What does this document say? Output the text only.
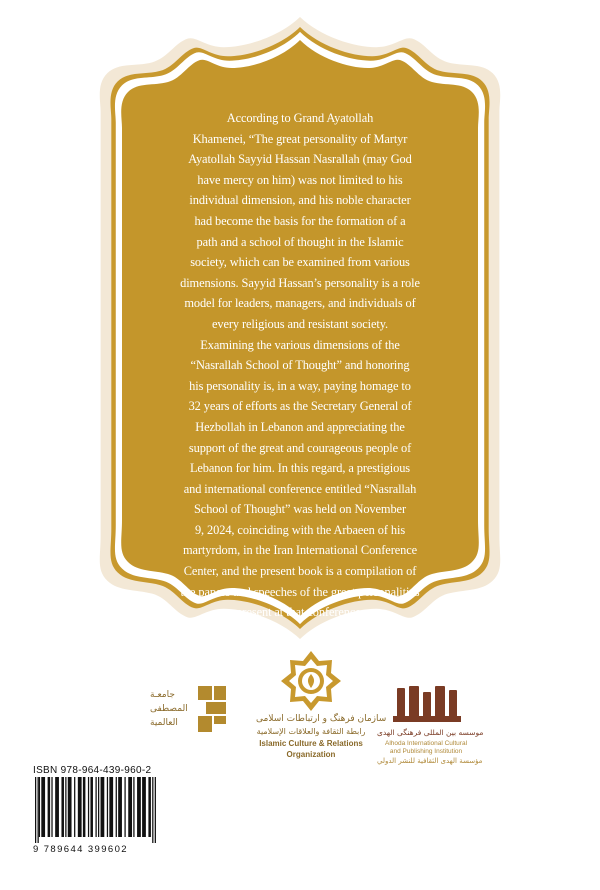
According to Grand Ayatollah
Khamenei, “The great personality of Martyr
Ayatollah Sayyid Hassan Nasrallah (may God
have mercy on him) was not limited to his
individual dimension, and his noble character
had become the basis for the formation of a
path and a school of thought in the Islamic
society, which can be examined from various
dimensions. Sayyid Hassan’s personality is a role
model for leaders, managers, and individuals of
every religious and resistant society.
Examining the various dimensions of the
“Nasrallah School of Thought” and honoring
his personality is, in a way, paying homage to
32 years of efforts as the Secretary General of
Hezbollah in Lebanon and appreciating the
support of the great and courageous people of
Lebanon for him. In this regard, a prestigious
and international conference entitled “Nasrallah
School of Thought” was held on November
9, 2024, coinciding with the Arbaeen of his
martyrdom, in the Iran International Conference
Center, and the present book is a compilation of
the papers and speeches of the great personalities
present at that conference.
جامعـة
المصطفى
العالمية	سازمان فرهنگ و ارتباطات اسلامی
رابطة الثقافة والعلاقات الإسلامية
Islamic Culture & Relations
Organization
موسسه بین المللی فرهنگی الهدی
Alhoda International Cultural
and Publishing Institution
مؤسسة الهدى الثقافية للنشر الدولي
ISBN 978-964-439-960-2
9 789644 399602
